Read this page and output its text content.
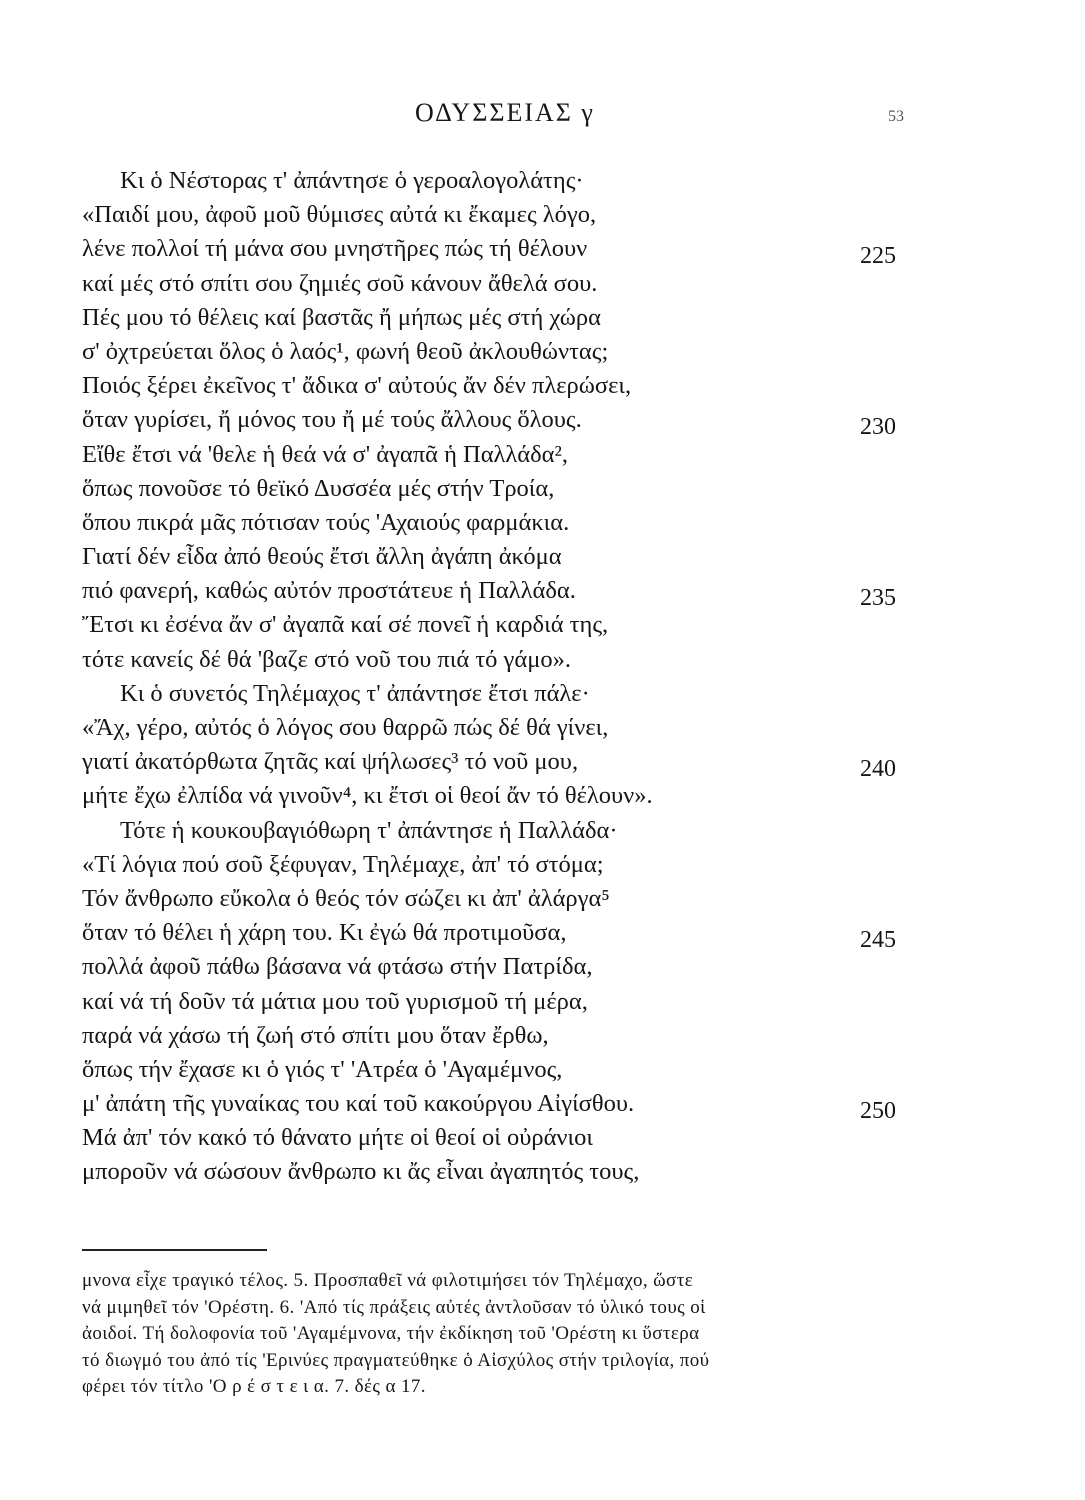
ΟΔΥΣΣΕΙΑΣ γ	53
Κι ὁ Νέστορας τ' ἀπάντησε ὁ γεροαλογολάτης·
«Παιδί μου, ἀφοῦ μοῦ θύμισες αὐτά κι ἔκαμες λόγο,
λένε πολλοί τή μάνα σου μνηστῆρες πώς τή θέλουν	225
καί μές στό σπίτι σου ζημιές σοῦ κάνουν ἄθελά σου.
Πές μου τό θέλεις καί βαστᾶς ἤ μήπως μές στή χώρα
σ' ὀχτρεύεται ὅλος ὁ λαός¹, φωνή θεοῦ ἀκλουθώντας;
Ποιός ξέρει ἐκεῖνος τ' ἄδικα σ' αὐτούς ἄν δέν πλερώσει,
ὅταν γυρίσει, ἤ μόνος του ἤ μέ τούς ἄλλους ὅλους.	230
Εἴθε ἔτσι νά 'θελε ἡ θεά νά σ' ἀγαπᾶ ἡ Παλλάδα²,
ὅπως πονοῦσε τό θεϊκό Δυσσέα μές στήν Τροία,
ὅπου πικρά μᾶς πότισαν τούς 'Αχαιούς φαρμάκια.
Γιατί δέν εἶδα ἀπό θεούς ἔτσι ἄλλη ἀγάπη ἀκόμα
πιό φανερή, καθώς αὐτόν προστάτευε ἡ Παλλάδα.	235
Ἔτσι κι ἐσένα ἄν σ' ἀγαπᾶ καί σέ πονεῖ ἡ καρδιά της,
τότε κανείς δέ θά 'βαζε στό νοῦ του πιά τό γάμο».
Κι ὁ συνετός Τηλέμαχος τ' ἀπάντησε ἔτσι πάλε·
«Ἄχ, γέρο, αὐτός ὁ λόγος σου θαρρῶ πώς δέ θά γίνει,
γιατί ἀκατόρθωτα ζητᾶς καί ψήλωσες³ τό νοῦ μου,	240
μήτε ἔχω ἐλπίδα νά γινοῦν⁴, κι ἔτσι οἱ θεοί ἄν τό θέλουν».
Τότε ἡ κουκουβαγιόθωρη τ' ἀπάντησε ἡ Παλλάδα·
«Τί λόγια πού σοῦ ξέφυγαν, Τηλέμαχε, ἀπ' τό στόμα;
Τόν ἄνθρωπο εὔκολα ὁ θεός τόν σώζει κι ἀπ' ἀλάργα⁵
ὅταν τό θέλει ἡ χάρη του. Κι ἐγώ θά προτιμοῦσα,	245
πολλά ἀφοῦ πάθω βάσανα νά φτάσω στήν Πατρίδα,
καί νά τή δοῦν τά μάτια μου τοῦ γυρισμοῦ τή μέρα,
παρά νά χάσω τή ζωή στό σπίτι μου ὅταν ἔρθω,
ὅπως τήν ἔχασε κι ὁ γιός τ' 'Ατρέα ὁ 'Αγαμέμνος,
μ' ἀπάτη τῆς γυναίκας του καί τοῦ κακούργου Αἰγίσθου.	250
Μά ἀπ' τόν κακό τό θάνατο μήτε οἱ θεοί οἱ οὐράνιοι
μποροῦν νά σώσουν ἄνθρωπο κι ἄς εἶναι ἀγαπητός τους,
μνονα εἶχε τραγικό τέλος. 5. Προσπαθεῖ νά φιλοτιμήσει τόν Τηλέμαχο, ὥστε
νά μιμηθεῖ τόν 'Ορέστη. 6. 'Από τίς πράξεις αὐτές ἀντλοῦσαν τό ὑλικό τους οἱ
ἀοιδοί. Τή δολοφονία τοῦ 'Αγαμέμνονα, τήν ἐκδίκηση τοῦ 'Ορέστη κι ὕστερα
τό διωγμό του ἀπό τίς 'Ερινύες πραγματεύθηκε ὁ Αἰσχύλος στήν τριλογία, πού
φέρει τόν τίτλο 'Ο ρ έ σ τ ε ι α. 7. δές α 17.
